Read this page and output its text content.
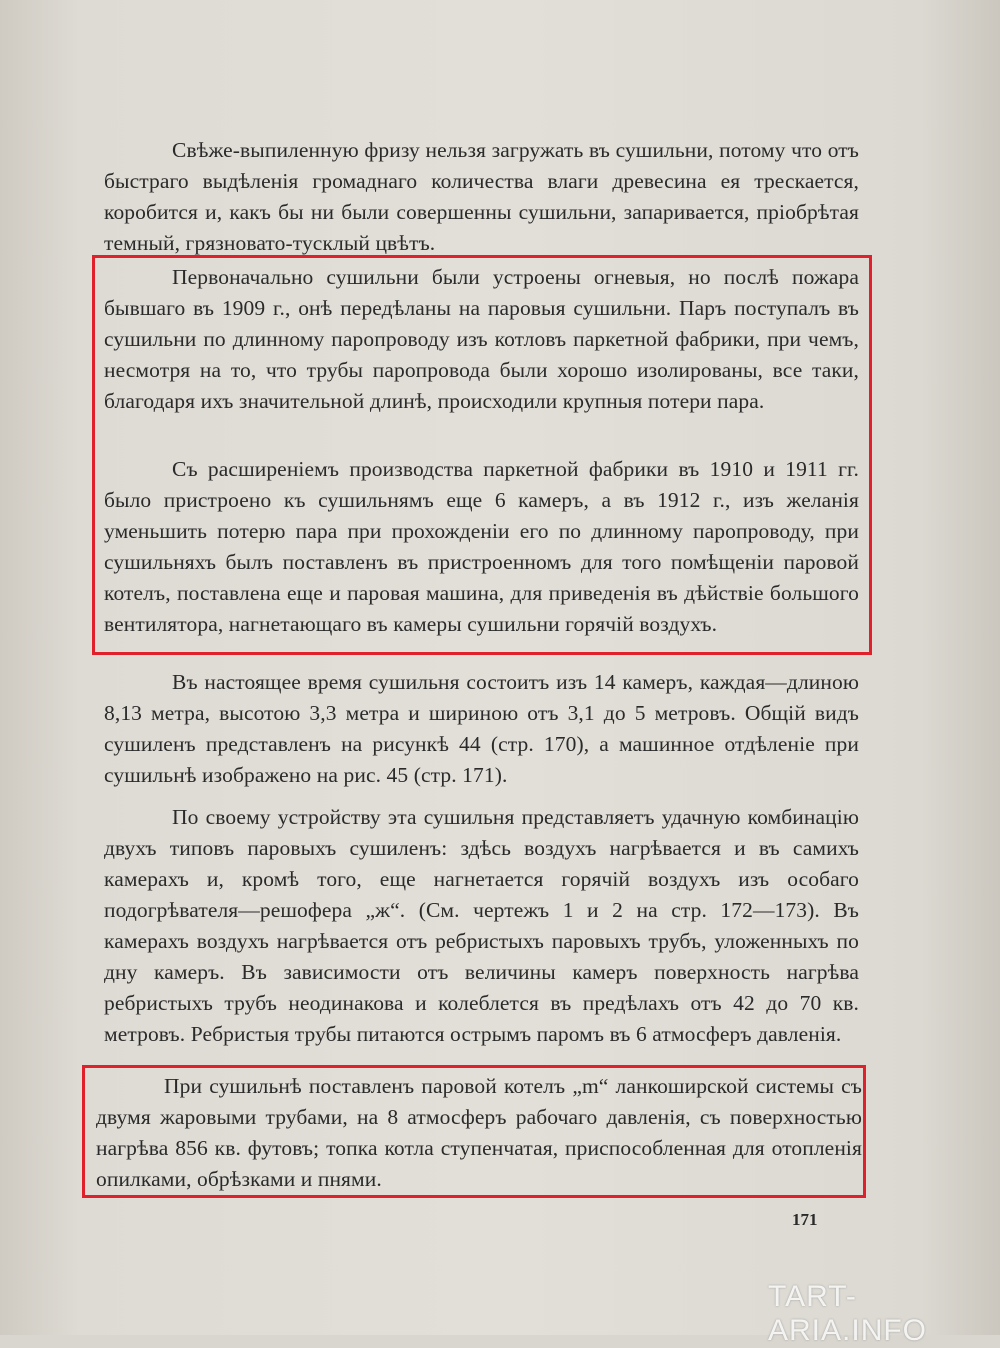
Свѣже-выпиленную фризу нельзя загружать въ сушильни, потому что отъ быстраго выдѣленія громаднаго количества влаги древесина ея трескается, коробится и, какъ бы ни были совершенны сушильни, запаривается, пріобрѣтая темный, грязновато-тусклый цвѣтъ.

Первоначально сушильни были устроены огневыя, но послѣ пожара бывшаго въ 1909 г., онѣ передѣланы на паровыя сушильни. Паръ поступалъ въ сушильни по длинному паропроводу изъ котловъ паркетной фабрики, при чемъ, несмотря на то, что трубы паропровода были хорошо изолированы, все таки, благодаря ихъ значительной длинѣ, происходили крупныя потери пара.

Съ расширеніемъ производства паркетной фабрики въ 1910 и 1911 гг. было пристроено къ сушильнямъ еще 6 камеръ, а въ 1912 г., изъ желанія уменьшить потерю пара при прохожденіи его по длинному паропроводу, при сушильняхъ былъ поставленъ въ пристроенномъ для того помѣщеніи паровой котелъ, поставлена еще и паровая машина, для приведенія въ дѣйствіе большого вентилятора, нагнетающаго въ камеры сушильни горячій воздухъ.

Въ настоящее время сушильня состоитъ изъ 14 камеръ, каждая—длиною 8,13 метра, высотою 3,3 метра и шириною отъ 3,1 до 5 метровъ. Общій видъ сушиленъ представленъ на рисункѣ 44 (стр. 170), а машинное отдѣленіе при сушильнѣ изображено на рис. 45 (стр. 171).

По своему устройству эта сушильня представляетъ удачную комбинацію двухъ типовъ паровыхъ сушиленъ: здѣсь воздухъ нагрѣвается и въ самихъ камерахъ и, кромѣ того, еще нагнетается горячій воздухъ изъ особаго подогрѣвателя—решофера „ж“. (См. чертежъ 1 и 2 на стр. 172—173). Въ камерахъ воздухъ нагрѣвается отъ ребристыхъ паровыхъ трубъ, уложенныхъ по дну камеръ. Въ зависимости отъ величины камеръ поверхность нагрѣва ребристыхъ трубъ неодинакова и колеблется въ предѣлахъ отъ 42 до 70 кв. метровъ. Ребристыя трубы питаются острымъ паромъ въ 6 атмосферъ давленія.

При сушильнѣ поставленъ паровой котелъ „m“ ланкоширской системы съ двумя жаровыми трубами, на 8 атмосферъ рабочаго давленія, съ поверхностью нагрѣва 856 кв. футовъ; топка котла ступенчатая, приспособленная для отопленія опилками, обрѣзками и пнями.

171
TART-ARIA.INFO
